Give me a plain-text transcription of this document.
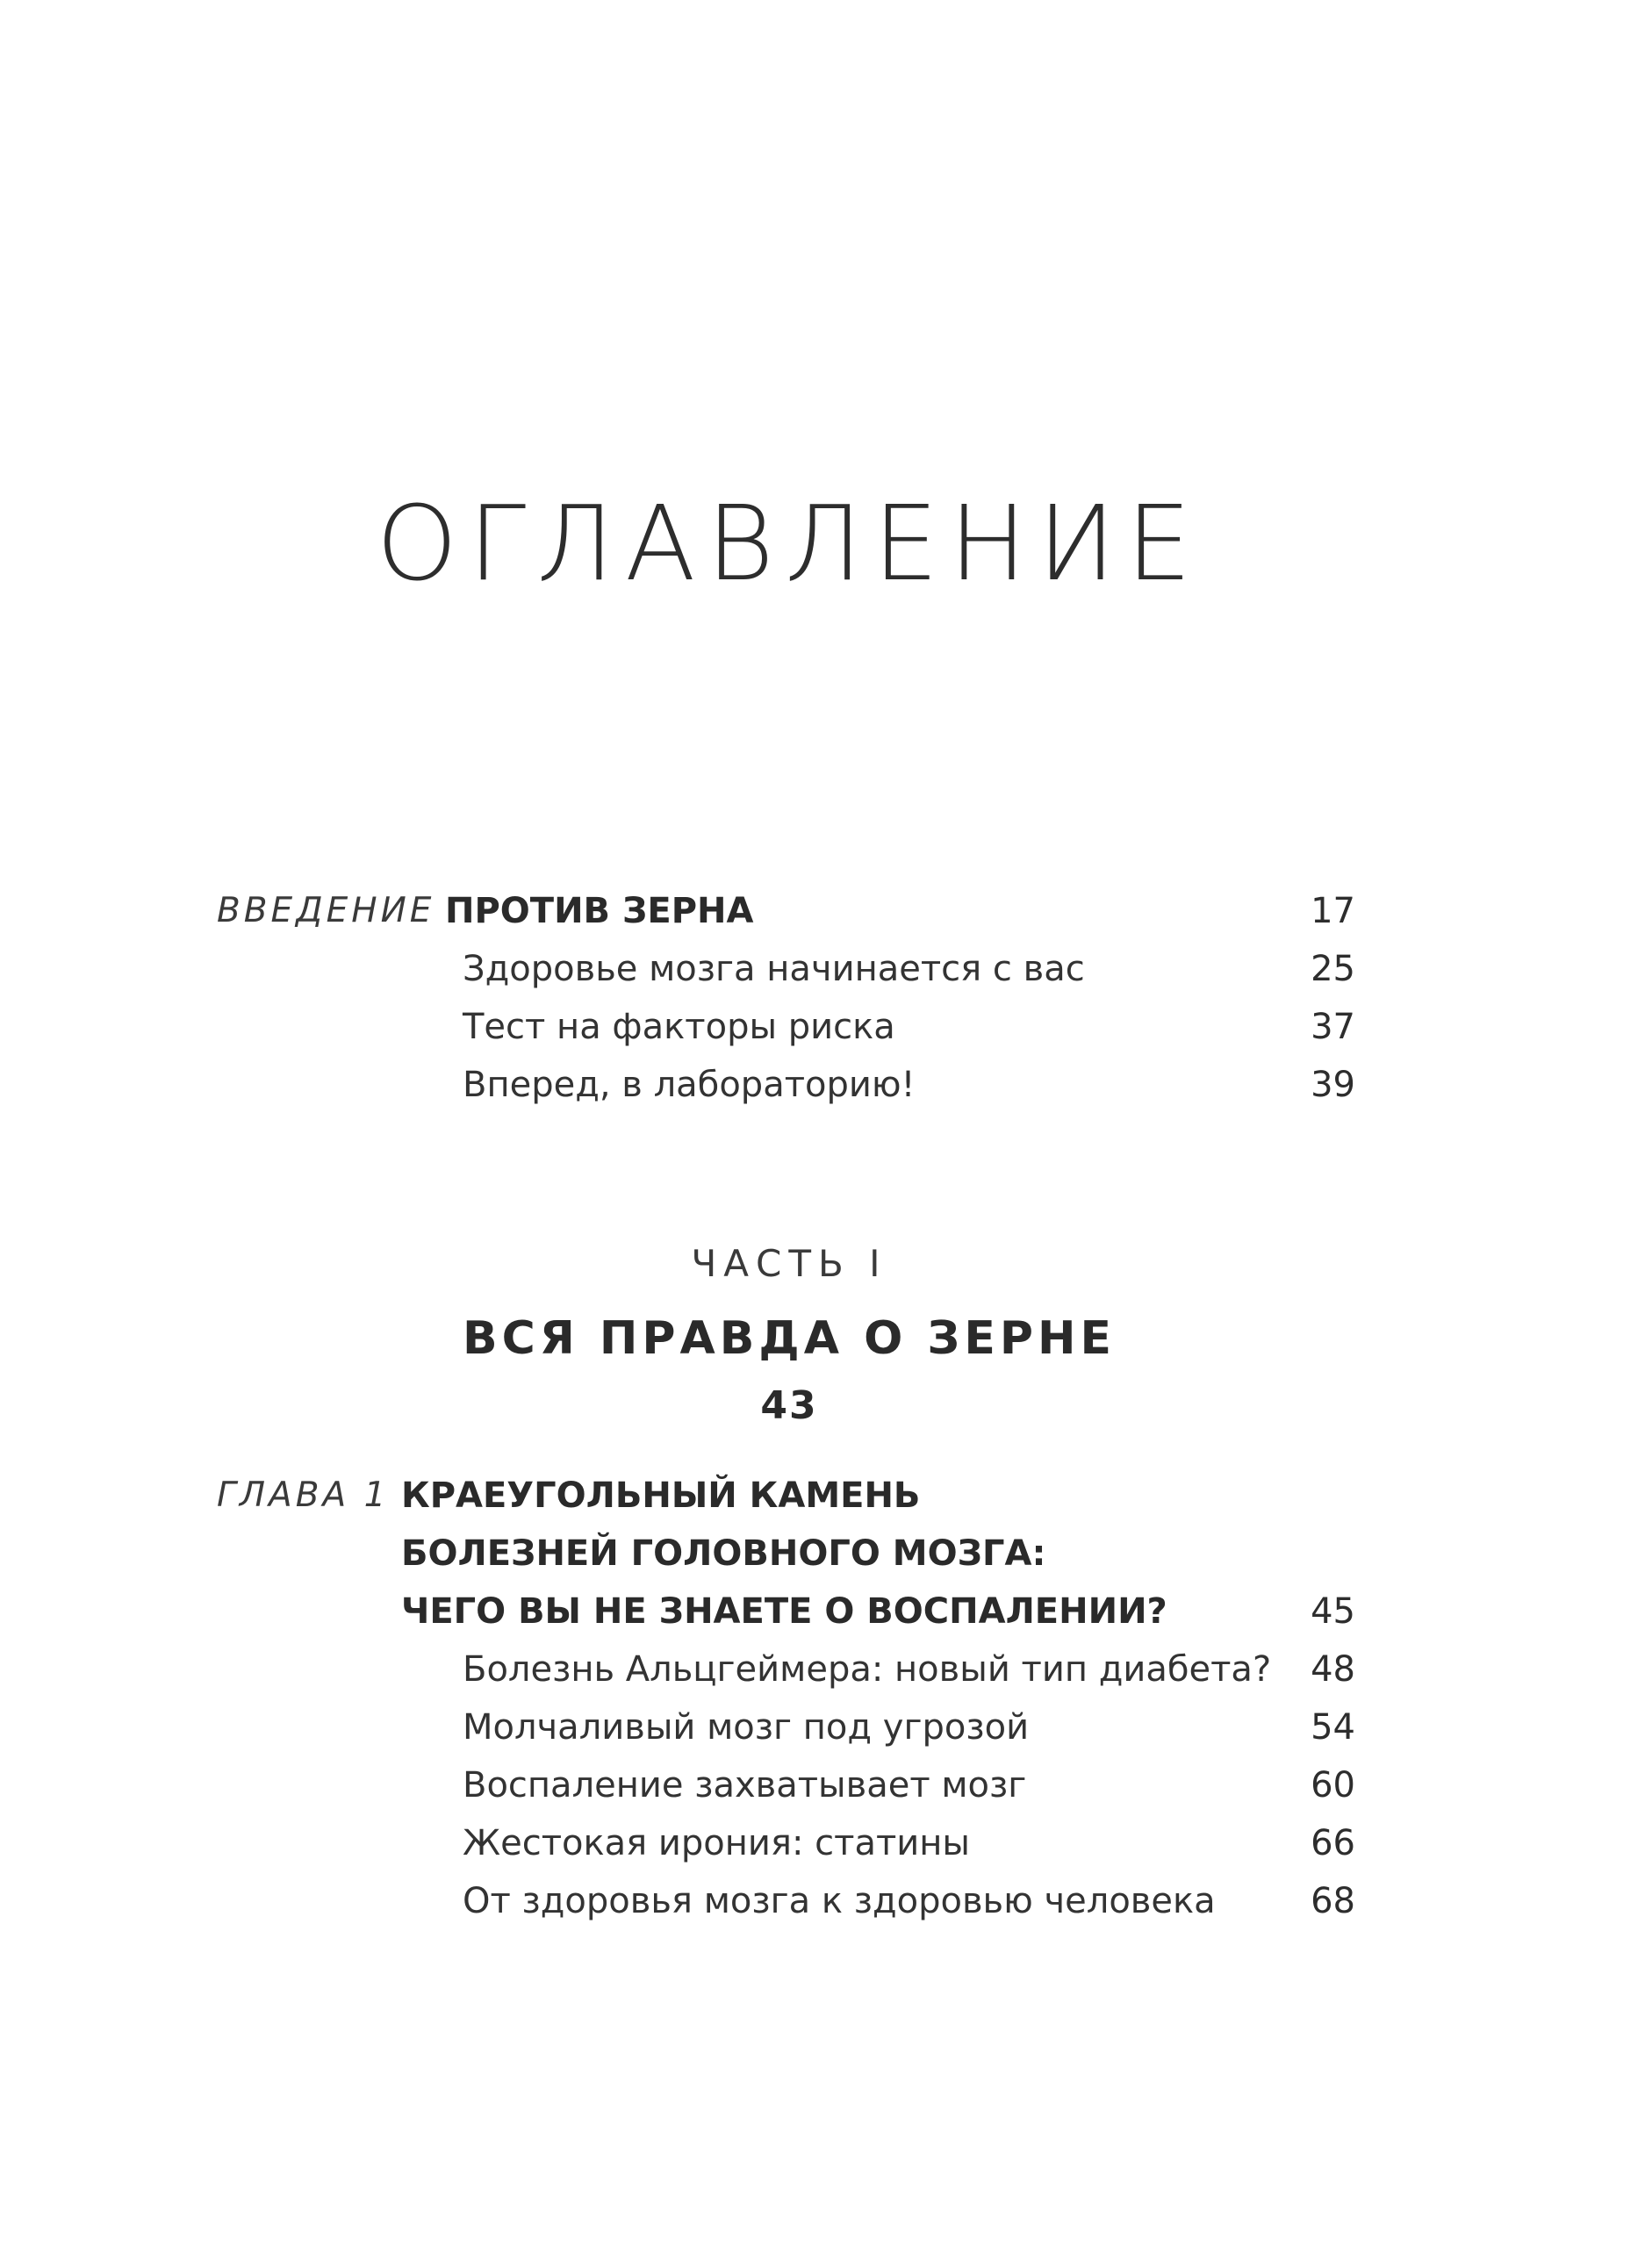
ОГЛАВЛЕНИЕ
ВВЕДЕНИЕ ПРОТИВ ЗЕРНА	17
Здоровье мозга начинается с вас	25
Тест на факторы риска	37
Вперед, в лабораторию!	39
ЧАСТЬ I
ВСЯ ПРАВДА О ЗЕРНЕ
43
ГЛАВА 1 КРАЕУГОЛЬНЫЙ КАМЕНЬ
БОЛЕЗНЕЙ ГОЛОВНОГО МОЗГА:
ЧЕГО ВЫ НЕ ЗНАЕТЕ О ВОСПАЛЕНИИ?	45
Болезнь Альцгеймера: новый тип диабета? 48
Молчаливый мозг под угрозой	54
Воспаление захватывает мозг	60
Жестокая ирония: статины	66
От здоровья мозга к здоровью человека	68
